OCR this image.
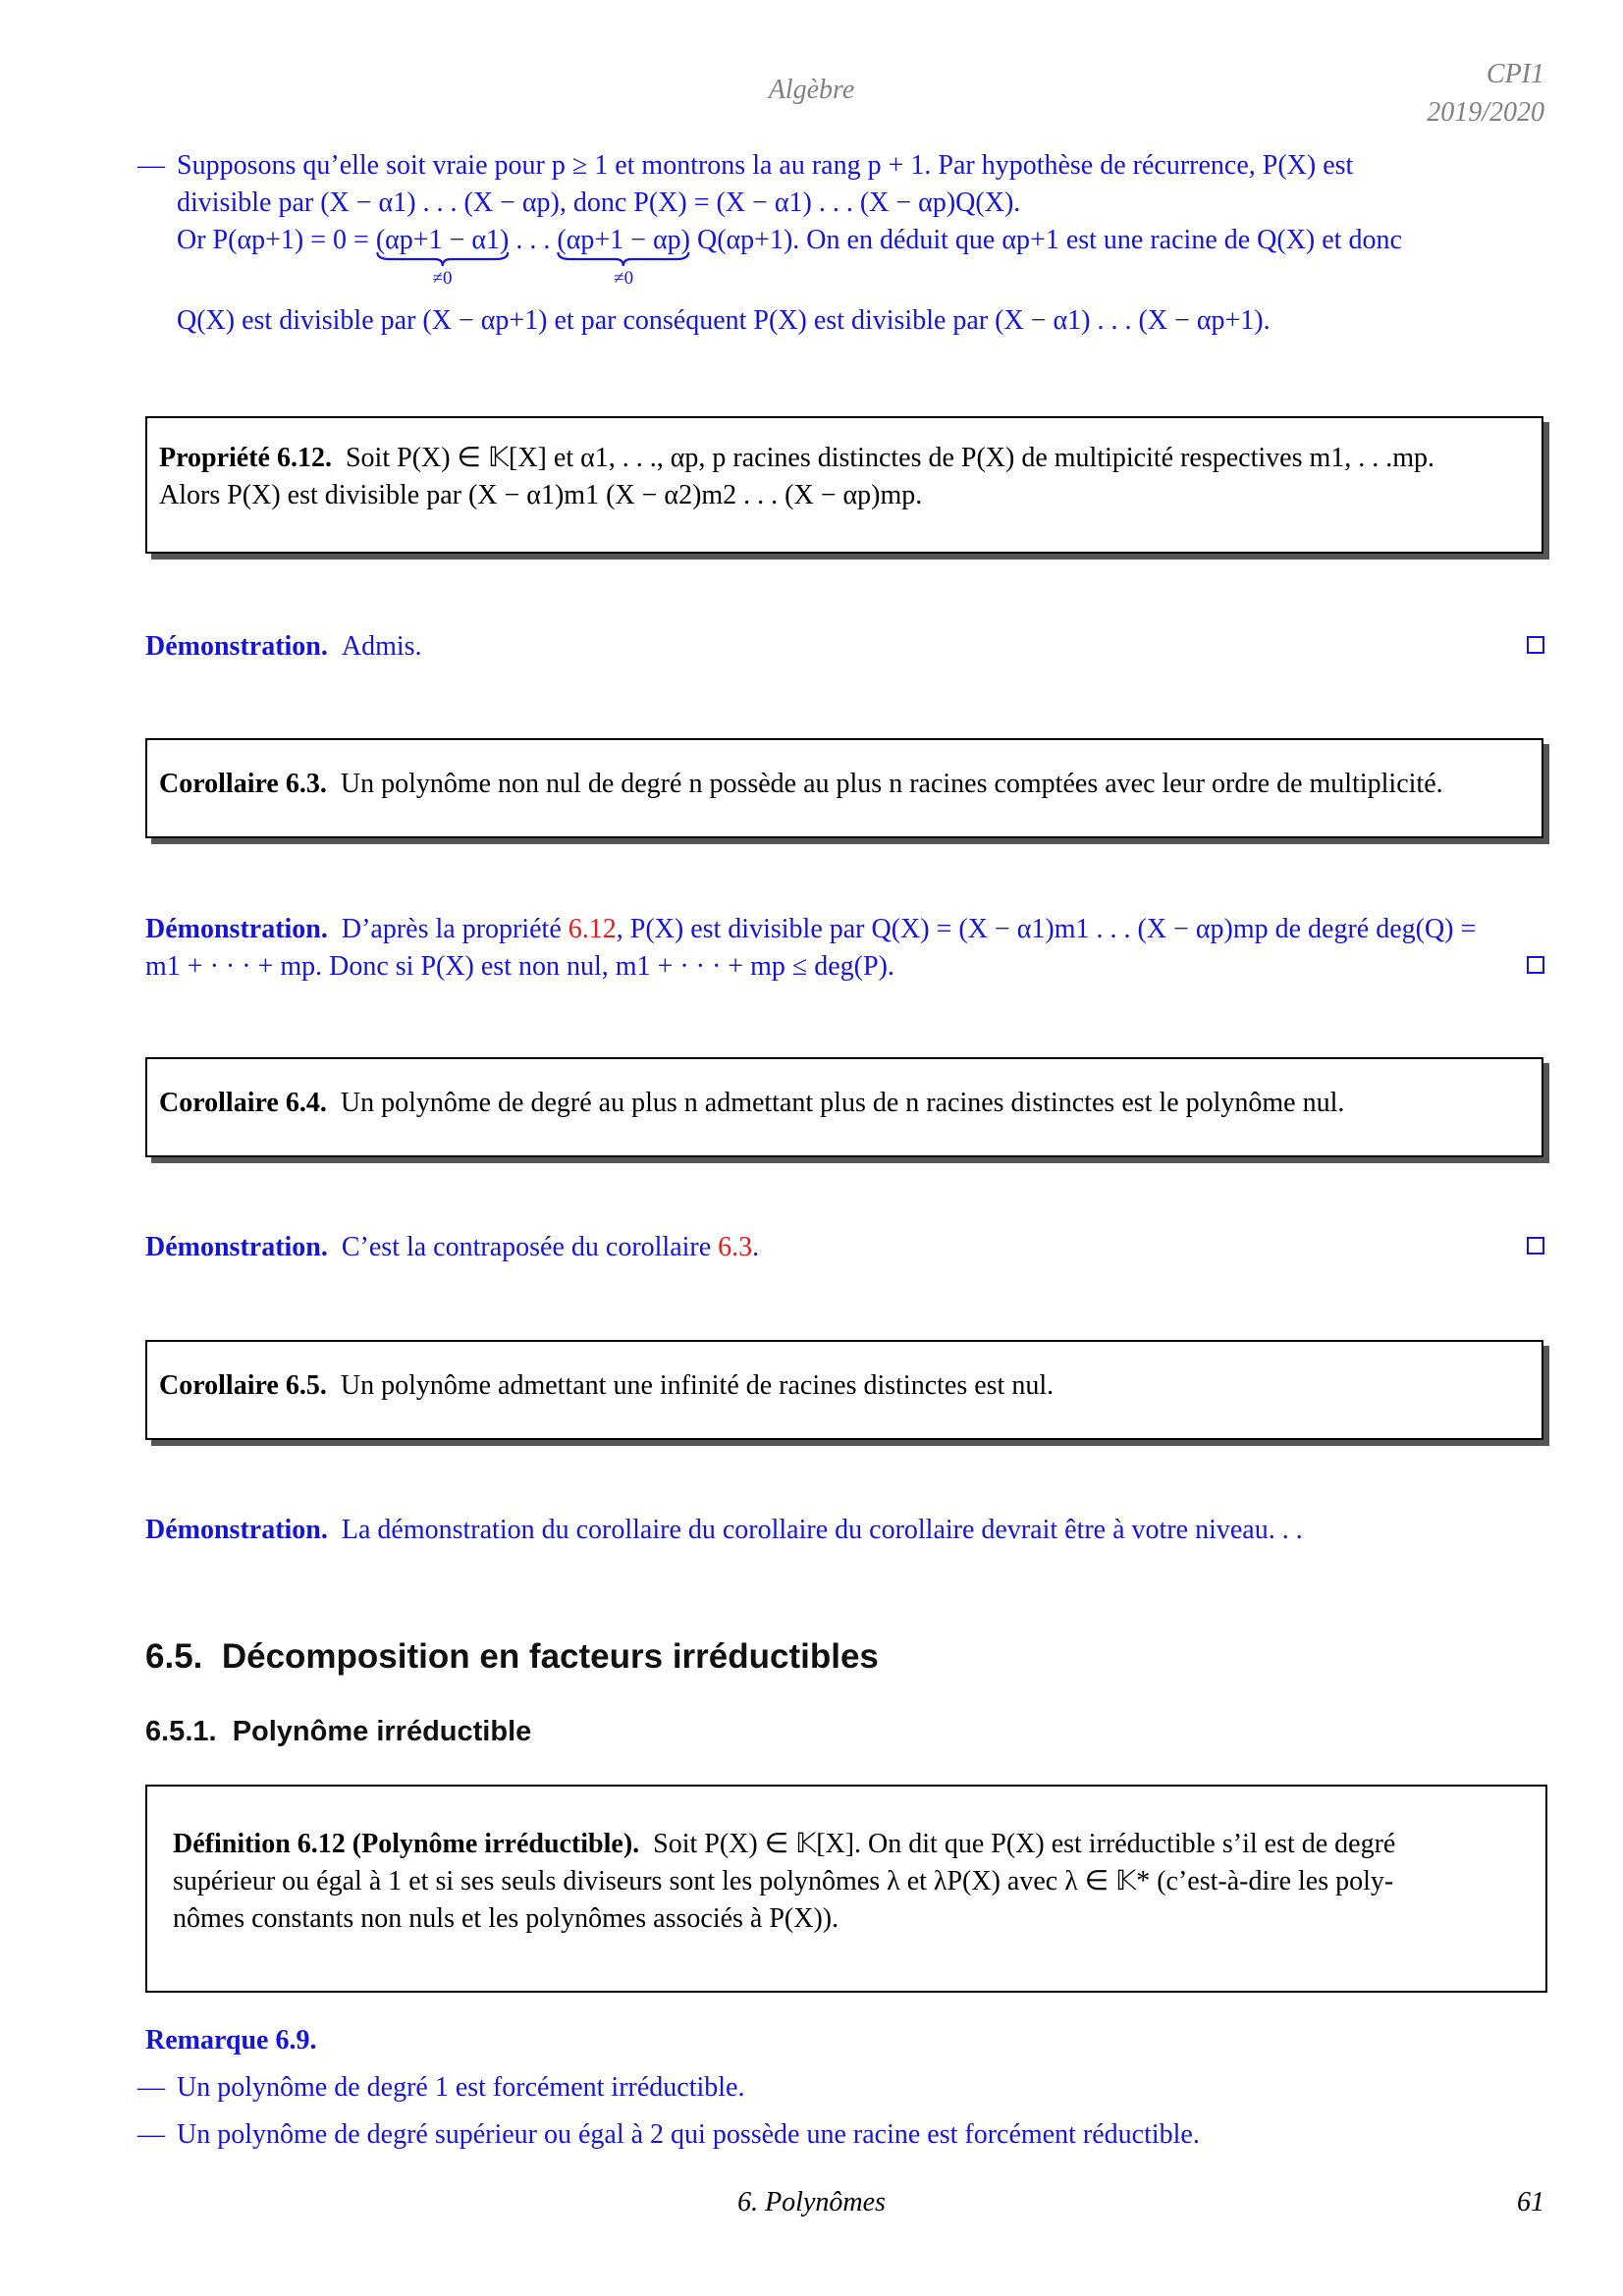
Algèbre
CPI1
2019/2020
— Supposons qu’elle soit vraie pour p ≥ 1 et montrons la au rang p + 1. Par hypothèse de récurrence, P(X) est
divisible par (X − α1) . . . (X − αp), donc P(X) = (X − α1) . . . (X − αp)Q(X).
Or P(αp+1) = 0 = (αp+1 − α1)
≠0
. . . (αp+1 − αp)
≠0
Q(αp+1). On en déduit que αp+1 est une racine de Q(X) et donc
Q(X) est divisible par (X − αp+1) et par conséquent P(X) est divisible par (X − α1) . . . (X − αp+1).
Propriété 6.12. Soit P(X) ∈ 𝕂[X] et α1, . . ., αp, p racines distinctes de P(X) de multipicité respectives m1, . . .mp.
Alors P(X) est divisible par (X − α1)m1 (X − α2)m2 . . . (X − αp)mp.
Démonstration. Admis.
Corollaire 6.3. Un polynôme non nul de degré n possède au plus n racines comptées avec leur ordre de multiplicité.
Démonstration. D’après la propriété 6.12, P(X) est divisible par Q(X) = (X − α1)m1 . . . (X − αp)mp de degré deg(Q) =
m1 + · · · + mp. Donc si P(X) est non nul, m1 + · · · + mp ≤ deg(P).
Corollaire 6.4. Un polynôme de degré au plus n admettant plus de n racines distinctes est le polynôme nul.
Démonstration. C’est la contraposée du corollaire 6.3.
Corollaire 6.5. Un polynôme admettant une infinité de racines distinctes est nul.
Démonstration. La démonstration du corollaire du corollaire du corollaire devrait être à votre niveau. . .
6.5. Décomposition en facteurs irréductibles
6.5.1. Polynôme irréductible
Définition 6.12 (Polynôme irréductible). Soit P(X) ∈ 𝕂[X]. On dit que P(X) est irréductible s’il est de degré
supérieur ou égal à 1 et si ses seuls diviseurs sont les polynômes λ et λP(X) avec λ ∈ 𝕂* (c’est-à-dire les poly-
nômes constants non nuls et les polynômes associés à P(X)).
Remarque 6.9.
— Un polynôme de degré 1 est forcément irréductible.
— Un polynôme de degré supérieur ou égal à 2 qui possède une racine est forcément réductible.
6. Polynômes	61
